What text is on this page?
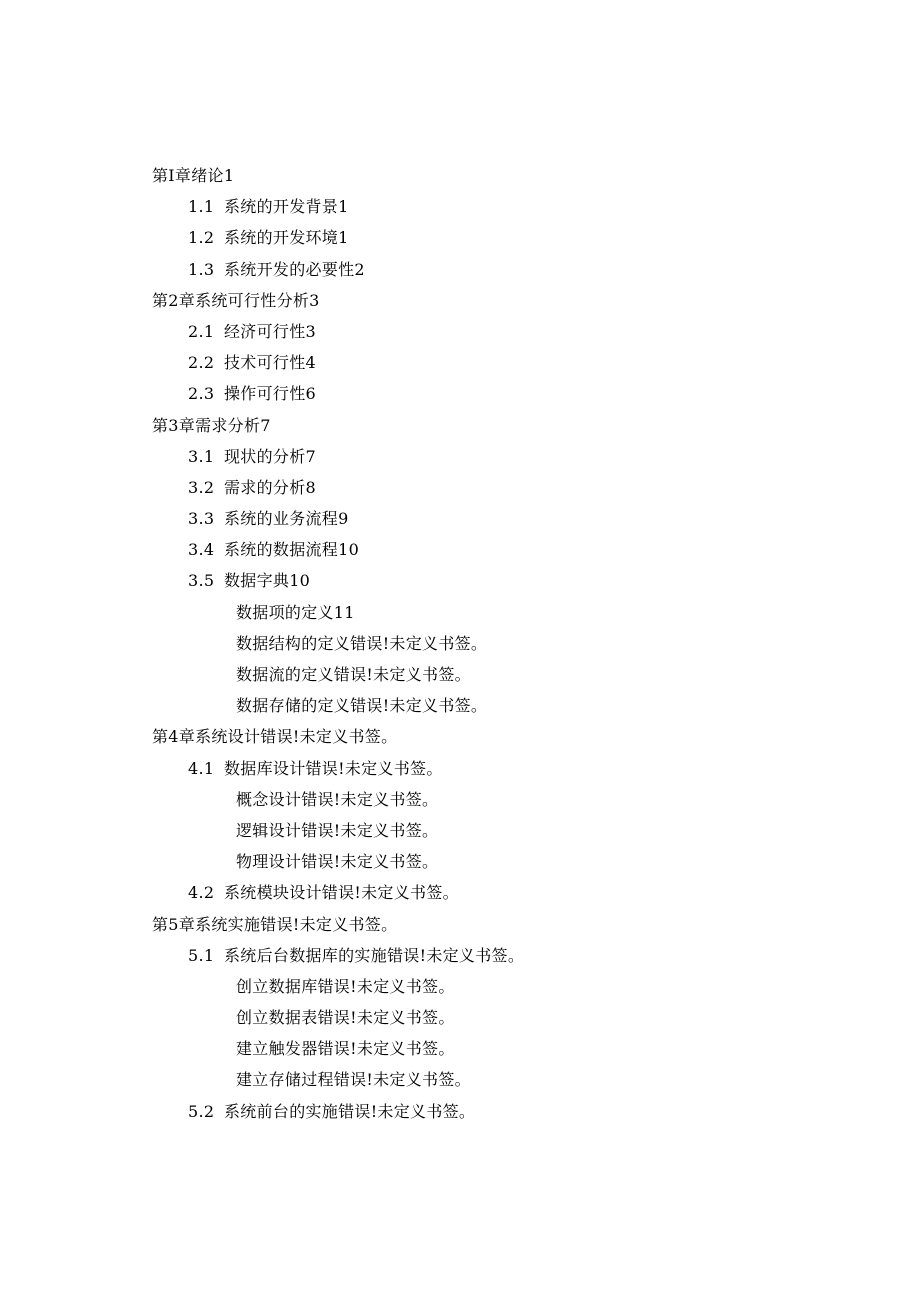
第I章绪论1
1.1 系统的开发背景1
1.2 系统的开发环境1
1.3 系统开发的必要性2
第2章系统可行性分析3
2.1 经济可行性3
2.2 技术可行性4
2.3 操作可行性6
第3章需求分析7
3.1 现状的分析7
3.2 需求的分析8
3.3 系统的业务流程9
3.4 系统的数据流程10
3.5 数据字典10
数据项的定义11
数据结构的定义错误!未定义书签。
数据流的定义错误!未定义书签。
数据存储的定义错误!未定义书签。
第4章系统设计错误!未定义书签。
4.1 数据库设计错误!未定义书签。
概念设计错误!未定义书签。
逻辑设计错误!未定义书签。
物理设计错误!未定义书签。
4.2 系统模块设计错误!未定义书签。
第5章系统实施错误!未定义书签。
5.1 系统后台数据库的实施错误!未定义书签。
创立数据库错误!未定义书签。
创立数据表错误!未定义书签。
建立触发器错误!未定义书签。
建立存储过程错误!未定义书签。
5.2 系统前台的实施错误!未定义书签。
